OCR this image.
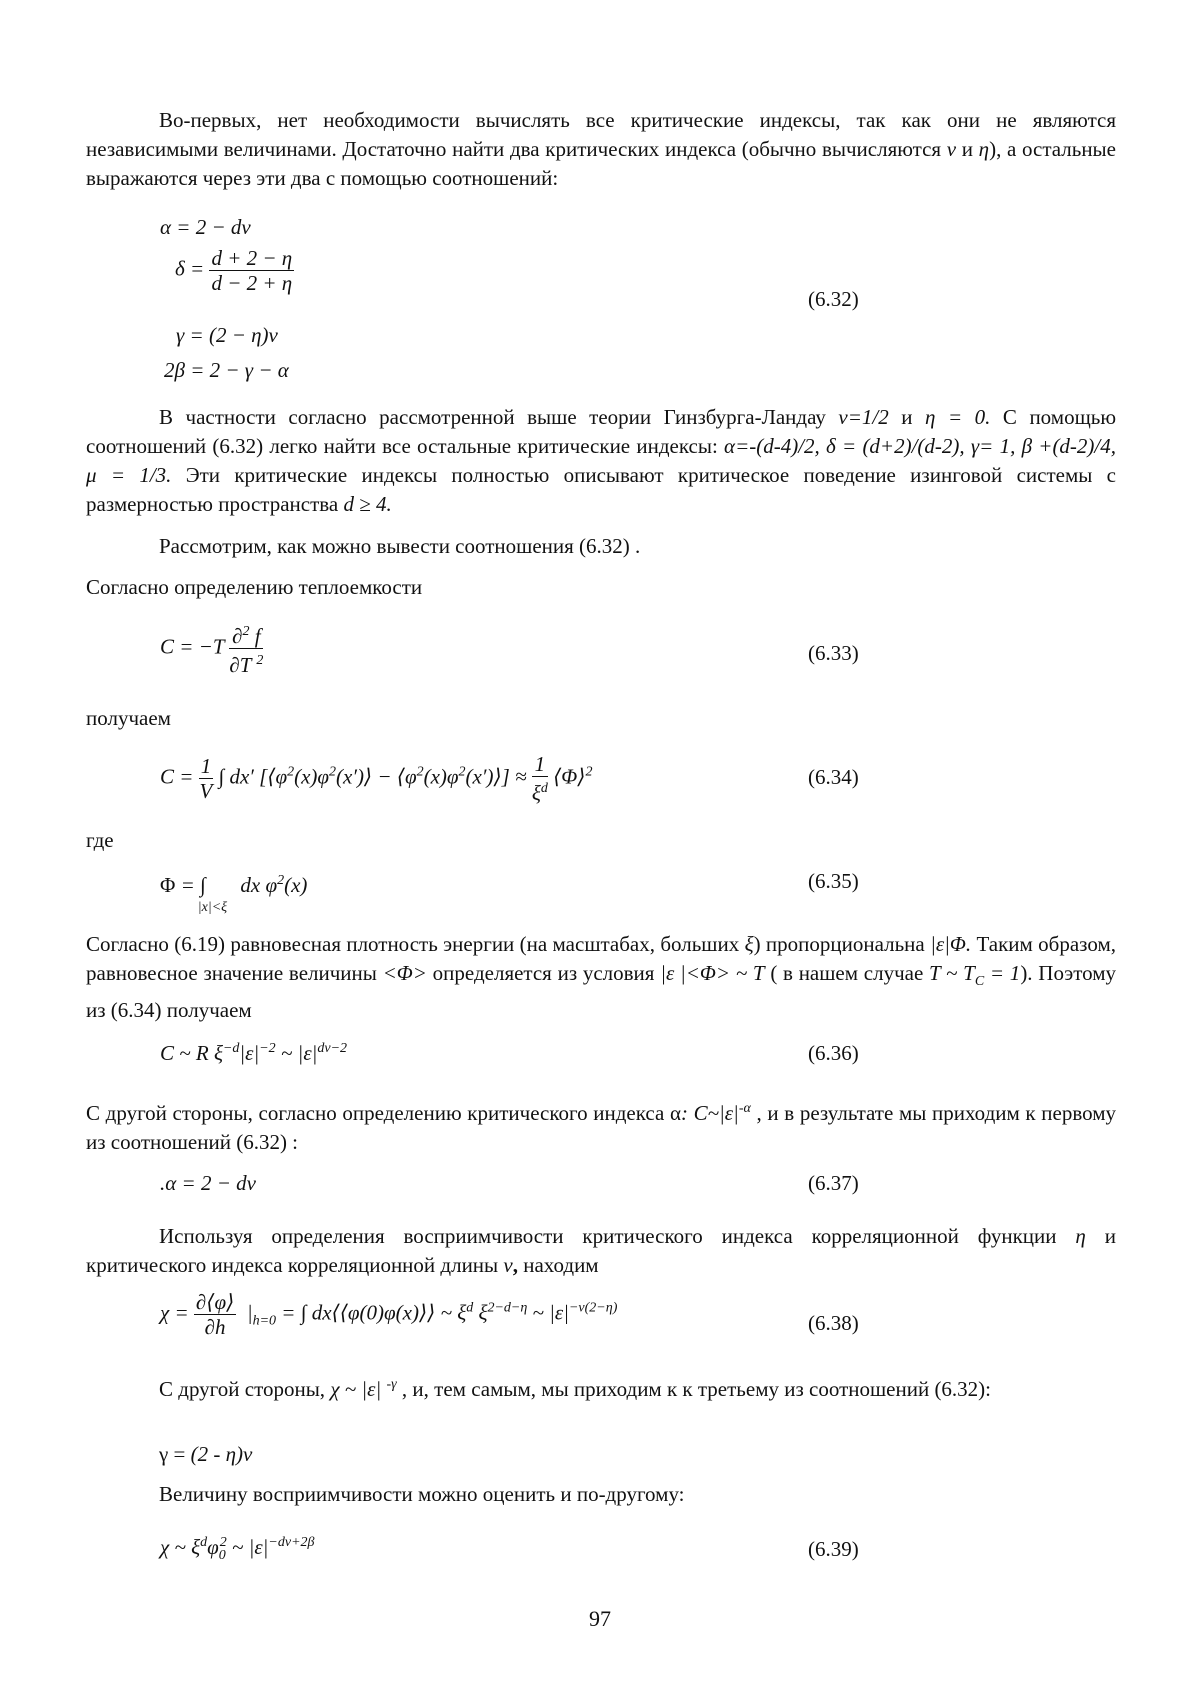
Во-первых, нет необходимости вычислять все критические индексы, так как они не являются независимыми величинами. Достаточно найти два критических индекса (обычно вычисляются ν и η), а остальные выражаются через эти два с помощью соотношений:

α = 2 − dν
$\delta = \frac{d + 2 - \eta}{d - 2 + \eta}$
(6.32)
γ = (2 − η)ν
2β = 2 − γ − α

В частности согласно рассмотренной выше теории Гинзбурга-Ландау ν=1/2 и η = 0. С помощью соотношений (6.32) легко найти все остальные критические индексы: α=-(d-4)/2, δ = (d+2)/(d-2), γ= 1, β +(d-2)/4, μ = 1/3. Эти критические индексы полностью описывают критическое поведение изинговой системы с размерностью пространства d ≥ 4.

Рассмотрим, как можно вывести соотношения (6.32) .

Согласно определению теплоемкости

$C = -T \frac{\partial^2 f}{\partial T ^2}$	(6.33)

получаем

$C = \frac{1}{V}$ ∫ dx′ [$⟨\varphi^2(x)\varphi^2(x')⟩$ − $⟨\varphi^2(x)\varphi^2(x')⟩] \approx \frac{1}{\xi^d}$ ⟨Φ⟩$^2$	(6.34)

где

$\Phi = \int_{|x|<\xi}$ dx $\varphi^2(x)$	(6.35)

Согласно (6.19) равновесная плотность энергии (на масштабах, больших ξ) пропорциональна |ε|Φ. Таким образом, равновесное значение величины <Φ> определяется из условия |ε |<Φ> ~ T ( в нашем случае T ~ $T_C = 1$). Поэтому из (6.34) получаем

C ~ R $\xi^{-d}|\varepsilon|^{-2}$ ~ $|\varepsilon|^{d\nu-2}$	(6.36)

С другой стороны, согласно определению критического индекса α: $C\sim|\varepsilon|^{-\alpha}$ , и в результате мы приходим к первому из соотношений (6.32) :

.α = 2 − dν	(6.37)

Используя определения восприимчивости критического индекса корреляционной функции η и критического индекса корреляционной длины ν, находим

$\chi = \frac{\partial⟨\varphi⟩}{\partial h} |_{h=0}$ = ∫ dx⟨⟨φ(0)φ(x)⟩⟩ ~ $\xi^d$ $\xi^{2-d-\eta}$ ~ $|\varepsilon|^{-\nu(2-\eta)}$
(6.38)

С другой стороны, χ ~ |ε| $^{-\gamma}$ , и, тем самым, мы приходим к к третьему из соотношений (6.32):

γ = (2 - η)ν

Величину восприимчивости можно оценить и по-другому:

χ ~ $\xi^d\varphi_0^2$ ~ $|\varepsilon|^{-d\nu+2\beta}$	(6.39)
97
